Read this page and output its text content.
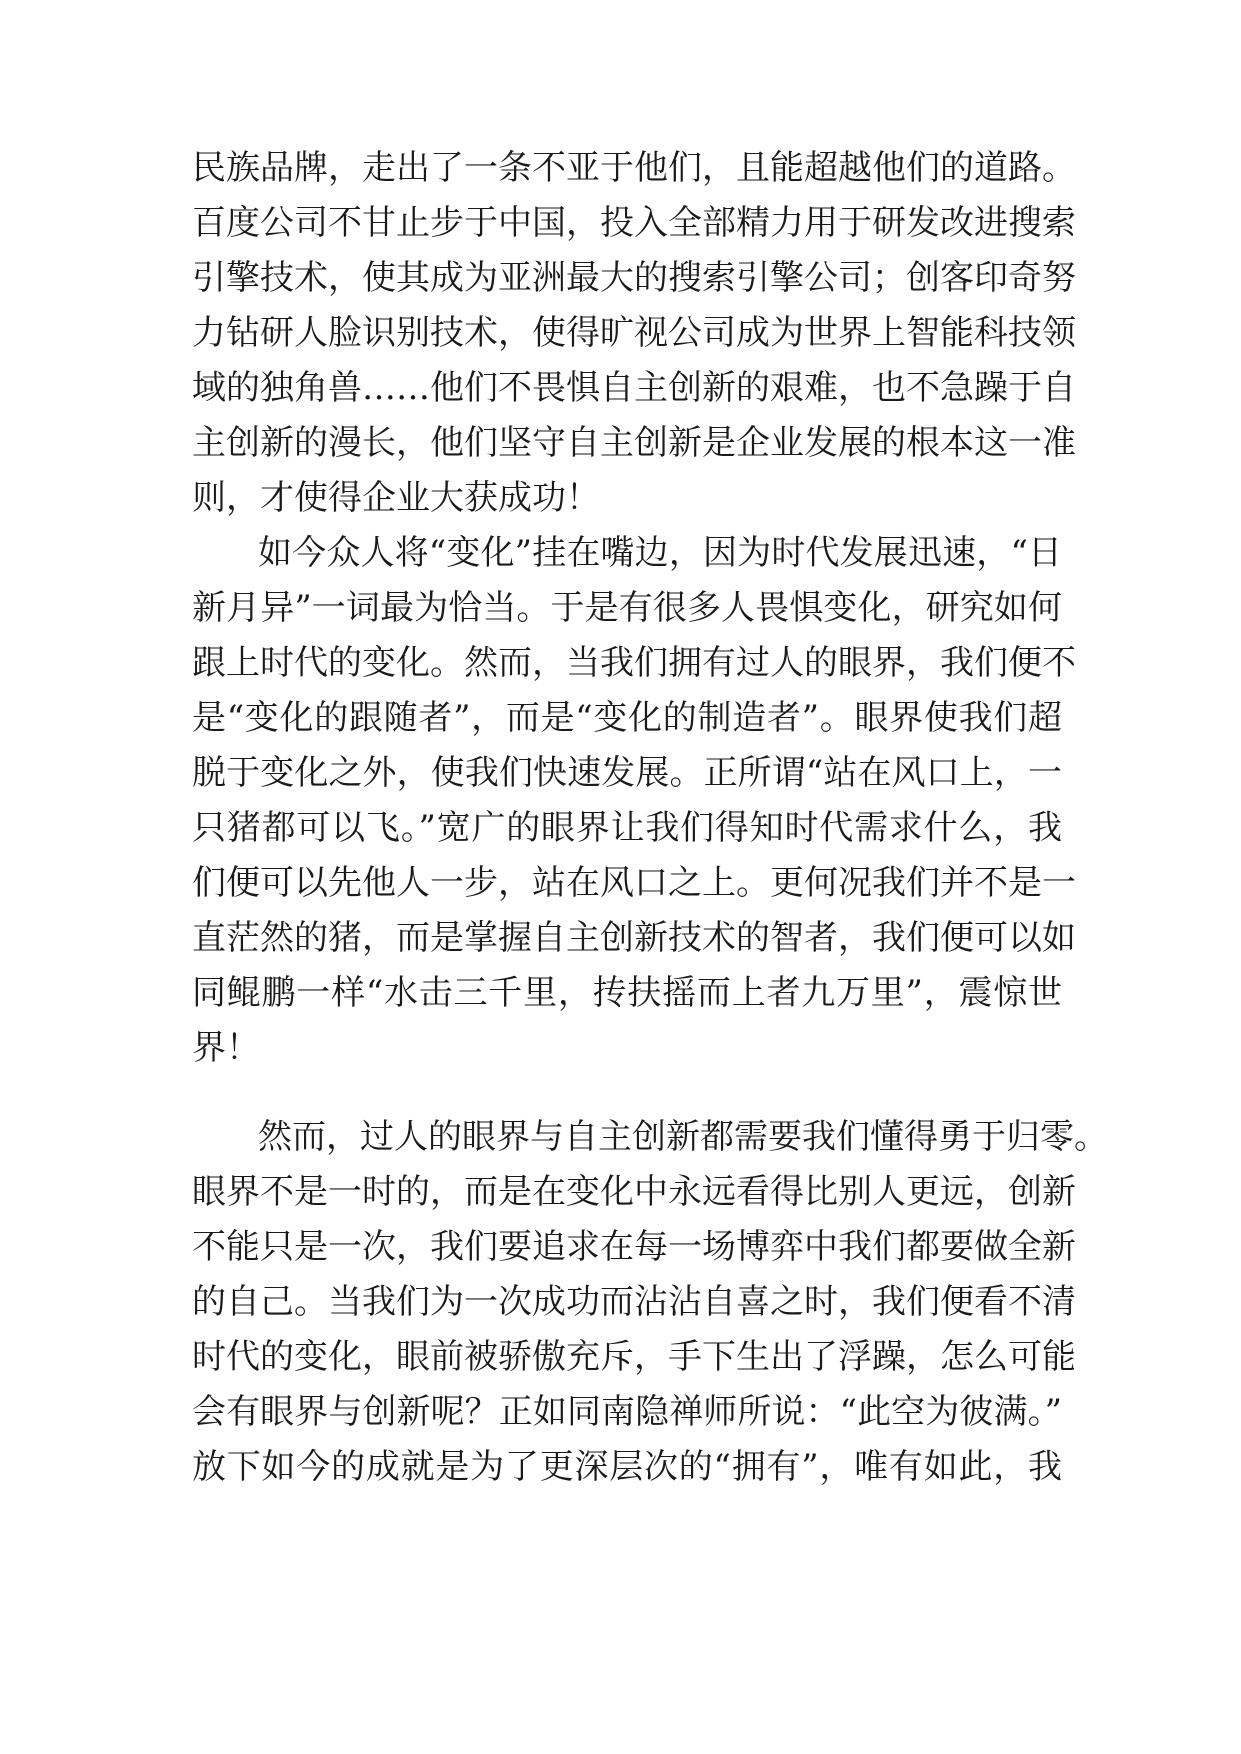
民族品牌，走出了一条不亚于他们，且能超越他们的道路。
百度公司不甘止步于中国，投入全部精力用于研发改进搜索
引擎技术，使其成为亚洲最大的搜索引擎公司；创客印奇努
力钻研人脸识别技术，使得旷视公司成为世界上智能科技领
域的独角兽……他们不畏惧自主创新的艰难，也不急躁于自
主创新的漫长，他们坚守自主创新是企业发展的根本这一准
则，才使得企业大获成功！
如今众人将“变化”挂在嘴边，因为时代发展迅速，“日
新月异”一词最为恰当。于是有很多人畏惧变化，研究如何
跟上时代的变化。然而，当我们拥有过人的眼界，我们便不
是“变化的跟随者”，而是“变化的制造者”。眼界使我们超
脱于变化之外，使我们快速发展。正所谓“站在风口上，一
只猪都可以飞。”宽广的眼界让我们得知时代需求什么，我
们便可以先他人一步，站在风口之上。更何况我们并不是一
直茫然的猪，而是掌握自主创新技术的智者，我们便可以如
同鲲鹏一样“水击三千里，抟扶摇而上者九万里”，震惊世
界！
然而，过人的眼界与自主创新都需要我们懂得勇于归零。
眼界不是一时的，而是在变化中永远看得比别人更远，创新
不能只是一次，我们要追求在每一场博弈中我们都要做全新
的自己。当我们为一次成功而沾沾自喜之时，我们便看不清
时代的变化，眼前被骄傲充斥，手下生出了浮躁，怎么可能
会有眼界与创新呢？正如同南隐禅师所说：“此空为彼满。”
放下如今的成就是为了更深层次的“拥有”，唯有如此，我
